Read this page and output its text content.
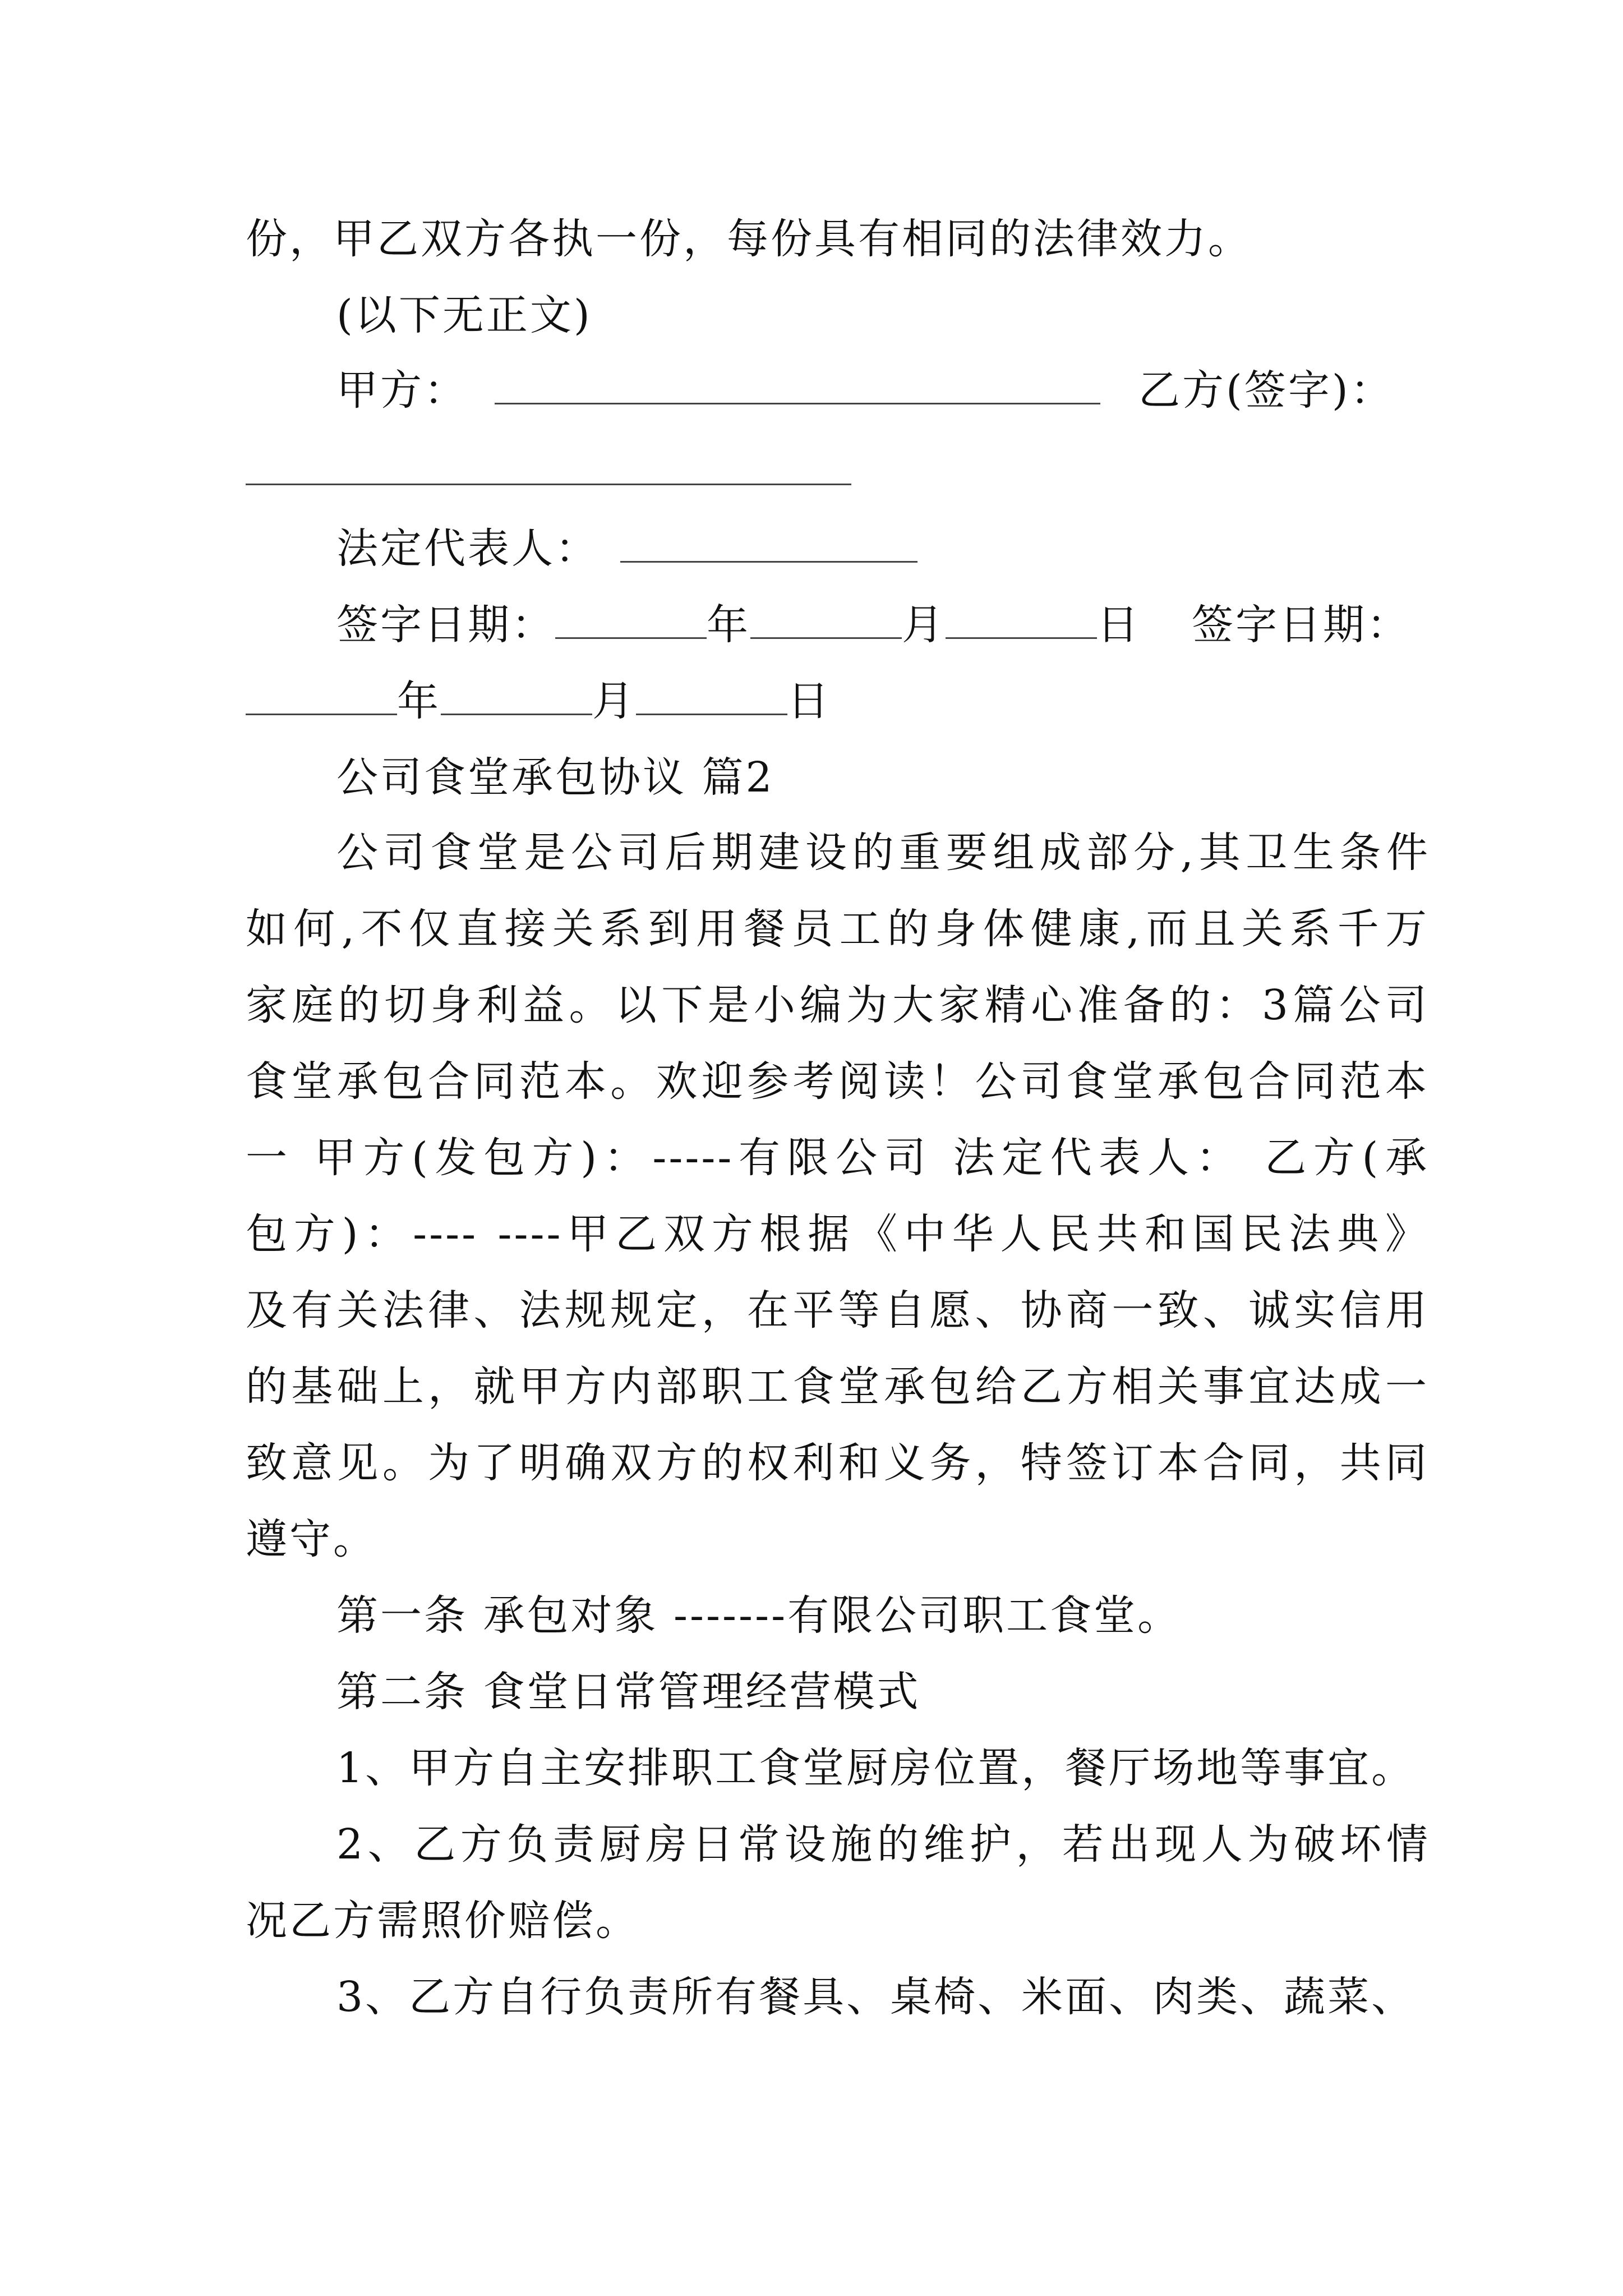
份，甲乙双方各执一份，每份具有相同的法律效力。
(以下无正文)
甲方：	乙方(签字)：
法定代表人：
签字日期：	年	月	日 签字日期：
年	月	日
公司食堂承包协议 篇2
公司食堂是公司后期建设的重要组成部分,其卫生条件
如何,不仅直接关系到用餐员工的身体健康,而且关系千万
家庭的切身利益。以下是小编为大家精心准备的：3篇公司
食堂承包合同范本。欢迎参考阅读！公司食堂承包合同范本
一 甲方(发包方)：-----有限公司 法定代表人： 乙方(承
包方)：---- ----甲乙双方根据《中华人民共和国民法典》
及有关法律、法规规定，在平等自愿、协商一致、诚实信用
的基础上，就甲方内部职工食堂承包给乙方相关事宜达成一
致意见。为了明确双方的权利和义务，特签订本合同，共同
遵守。
第一条 承包对象 -------有限公司职工食堂。
第二条 食堂日常管理经营模式
1、甲方自主安排职工食堂厨房位置，餐厅场地等事宜。
2、乙方负责厨房日常设施的维护，若出现人为破坏情
况乙方需照价赔偿。
3、乙方自行负责所有餐具、桌椅、米面、肉类、蔬菜、
